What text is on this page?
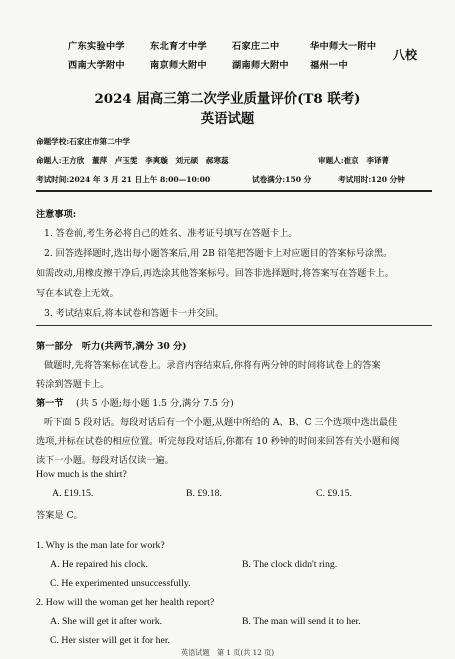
广东实验中学	东北育才中学	石家庄二中	华中师大一附中
西南大学附中	南京师大附中	湖南师大附中 福州一中
八校
2024 届高三第二次学业质量评价(T8 联考)
英语试题
命题学校:石家庄市第二中学
命题人:王方欣　董萍　卢玉雯　李爽璇　刘元硕　郝寒蕊	审题人:崔京　李译菁
考试时间:2024 年 3 月 21 日上午 8:00—10:00	试卷满分:150 分	考试用时:120 分钟
注意事项:
1. 答卷前,考生务必将自己的姓名、准考证号填写在答题卡上。
2. 回答选择题时,选出每小题答案后,用 2B 铅笔把答题卡上对应题目的答案标号涂黑。
如需改动,用橡皮擦干净后,再选涂其他答案标号。回答非选择题时,将答案写在答题卡上。
写在本试卷上无效。
3. 考试结束后,将本试卷和答题卡一并交回。
第一部分　听力(共两节,满分 30 分)
做题时,先将答案标在试卷上。录音内容结束后,你将有两分钟的时间将试卷上的答案
转涂到答题卡上。
第一节 (共 5 小题;每小题 1.5 分,满分 7.5 分)
听下面 5 段对话。每段对话后有一个小题,从题中所给的 A、B、C 三个选项中选出最佳
选项,并标在试卷的相应位置。听完每段对话后,你都有 10 秒钟的时间来回答有关小题和阅
读下一小题。每段对话仅读一遍。
How much is the shirt?
A. £19.15.	B. £9.18.	C. £9.15.
答案是 C。
1. Why is the man late for work?
A. He repaired his clock.	B. The clock didn't ring.
C. He experimented unsuccessfully.
2. How will the woman get her health report?
A. She will get it after work.	B. The man will send it to her.
C. Her sister will get it for her.
英语试题　第 1 页(共 12 页)
